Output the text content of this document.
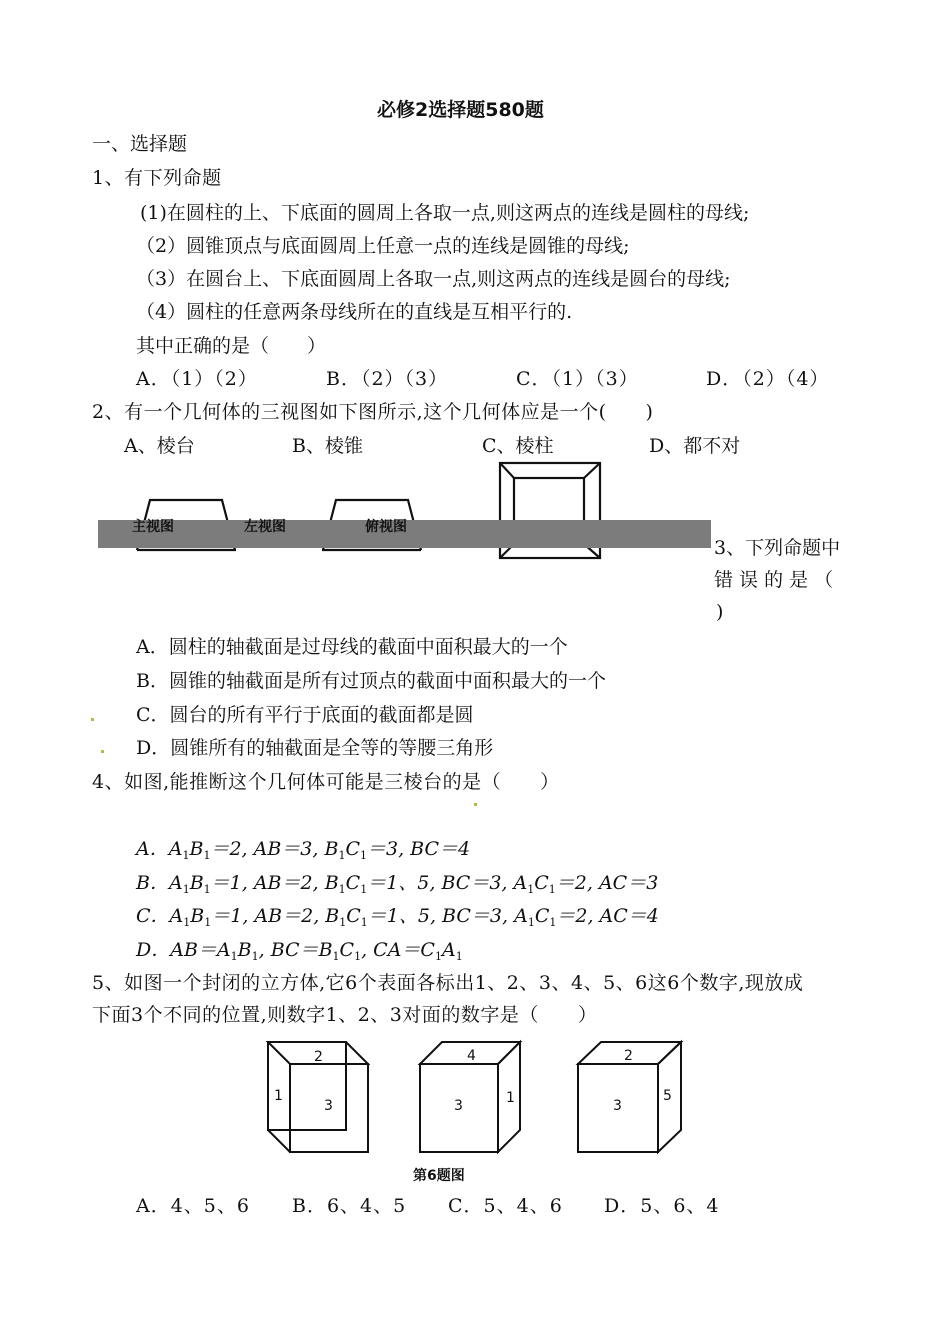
必修2选择题580题
一、选择题
1、有下列命题
(1)在圆柱的上、下底面的圆周上各取一点,则这两点的连线是圆柱的母线;
（2）圆锥顶点与底面圆周上任意一点的连线是圆锥的母线;
（3）在圆台上、下底面圆周上各取一点,则这两点的连线是圆台的母线;
（4）圆柱的任意两条母线所在的直线是互相平行的.
其中正确的是（　　）
A．（1）（2）	B．（2）（3）	C．（1）（3）	D．（2）（4）
2、有一个几何体的三视图如下图所示,这个几何体应是一个(　　)
A、棱台	B、棱锥	C、棱柱	D、都不对
主视图	左视图	俯视图
3、下列命题中
错 误 的 是 （
)
A．圆柱的轴截面是过母线的截面中面积最大的一个
B．圆锥的轴截面是所有过顶点的截面中面积最大的一个
C．圆台的所有平行于底面的截面都是圆
D．圆锥所有的轴截面是全等的等腰三角形
4、如图,能推断这个几何体可能是三棱台的是（　　）
A．$A_1B_1=2$, AB＝3, $B_1C_1=3$, BC＝4
B．$A_1B_1=1$, AB＝2, $B_1C_1=1$、5, BC＝3, $A_1C_1=2$, AC＝3
C．$A_1B_1=1$, AB＝2, $B_1C_1=1$、5, BC＝3, $A_1C_1=2$, AC＝4
D．$AB=A_1B_1$, $BC=B_1C_1$, $CA=C_1A_1$
5、如图一个封闭的立方体,它6个表面各标出1、2、3、4、5、6这6个数字,现放成
下面3个不同的位置,则数字1、2、3对面的数字是（　　）
2
3
1
4
3	1
2
3
5
第6题图
A．4、5、6 B．6、4、5 C．5、4、6 D．5、6、4
